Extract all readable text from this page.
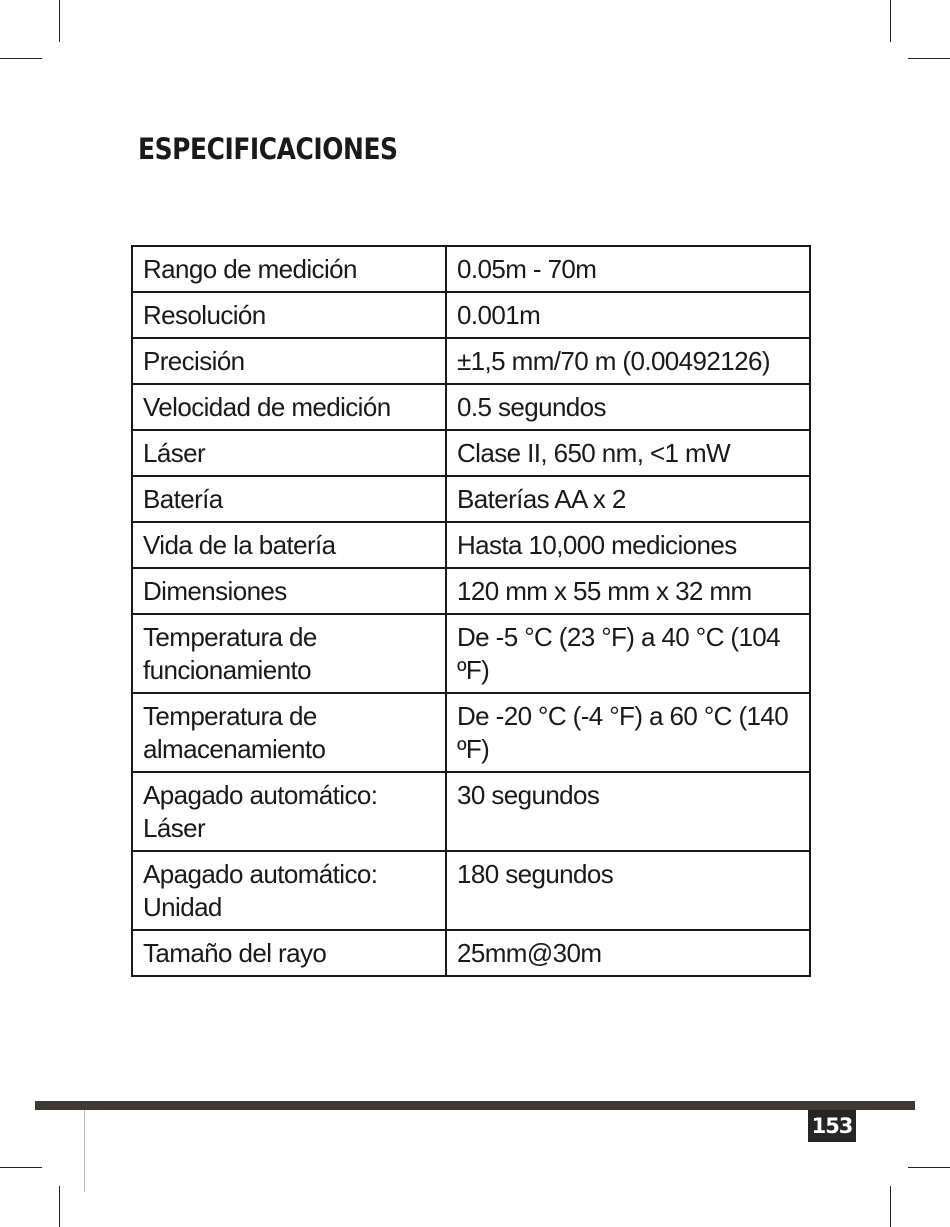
ESPECIFICACIONES
Rango de medición	0.05m - 70m
Resolución	0.001m
Precisión	±1,5 mm/70 m (0.00492126)
Velocidad de medición	0.5 segundos
Láser	Clase II, 650 nm, <1 mW
Batería	Baterías AA x 2
Vida de la batería	Hasta 10,000 mediciones
Dimensiones	120 mm x 55 mm x 32 mm
Temperatura de funcionamiento	De -5 °C (23 °F) a 40 °C (104 ºF)
Temperatura de almacenamiento	De -20 °C (-4 °F) a 60 °C (140 ºF)
Apagado automático: Láser	30 segundos
Apagado automático: Unidad	180 segundos
Tamaño del rayo	25mm@30m
153
